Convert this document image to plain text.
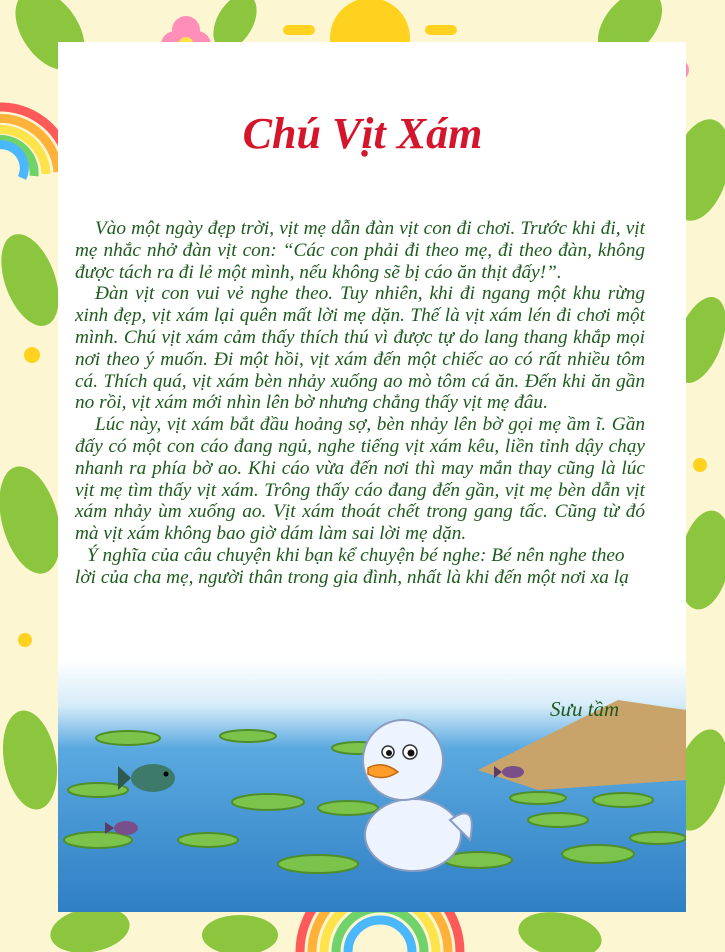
Chú Vịt Xám

Vào một ngày đẹp trời, vịt mẹ dẫn đàn vịt con đi chơi. Trước khi đi, vịt mẹ nhắc nhở đàn vịt con: “Các con phải đi theo mẹ, đi theo đàn, không được tách ra đi lẻ một mình, nếu không sẽ bị cáo ăn thịt đấy!”.

Đàn vịt con vui vẻ nghe theo. Tuy nhiên, khi đi ngang một khu rừng xinh đẹp, vịt xám lại quên mất lời mẹ dặn. Thế là vịt xám lén đi chơi một mình. Chú vịt xám cảm thấy thích thú vì được tự do lang thang khắp mọi nơi theo ý muốn. Đi một hồi, vịt xám đến một chiếc ao có rất nhiều tôm cá. Thích quá, vịt xám bèn nhảy xuống ao mò tôm cá ăn. Đến khi ăn gần no rồi, vịt xám mới nhìn lên bờ nhưng chẳng thấy vịt mẹ đâu.

Lúc này, vịt xám bắt đầu hoảng sợ, bèn nhảy lên bờ gọi mẹ ầm ĩ. Gần đấy có một con cáo đang ngủ, nghe tiếng vịt xám kêu, liền tỉnh dậy chạy nhanh ra phía bờ ao. Khi cáo vừa đến nơi thì may mắn thay cũng là lúc vịt mẹ tìm thấy vịt xám. Trông thấy cáo đang đến gần, vịt mẹ bèn dẫn vịt xám nhảy ùm xuống ao. Vịt xám thoát chết trong gang tấc. Cũng từ đó mà vịt xám không bao giờ dám làm sai lời mẹ dặn.

Ý nghĩa của câu chuyện khi bạn kể chuyện bé nghe: Bé nên nghe theo lời của cha mẹ, người thân trong gia đình, nhất là khi đến một nơi xa lạ

Sưu tầm
